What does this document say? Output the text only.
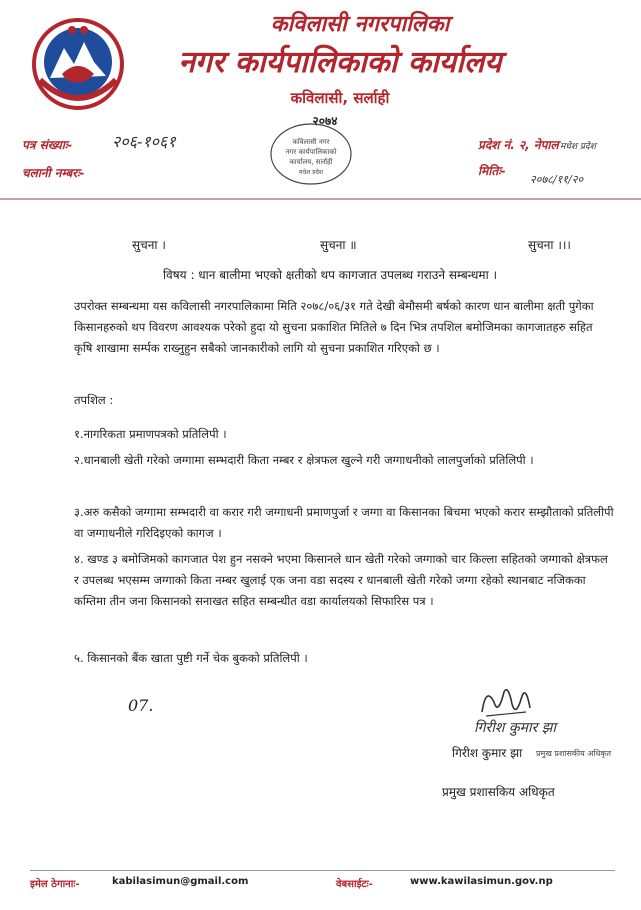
कविलासी नगरपालिका
नगर कार्यपालिकाको कार्यालय
कविलासी, सर्लाही
२०७४
कविलासी नगर
नगर कार्यपालिकाको
कार्यालय, सर्लाही
मधेश प्रदेश
पत्र संख्याः- २०६-१०६१
चलानी नम्बरः-
प्रदेश नं. २, नेपाल मधेश प्रदेश
मितिः-
२०७८/११/२०
सुचना ।	सुचना ॥	सुचना ।।।
विषय : धान बालीमा भएको क्षतीको थप कागजात उपलब्ध गराउने सम्बन्धमा ।

उपरोक्त सम्बन्धमा यस कविलासी नगरपालिकामा मिति २०७८/०६/३१ गते देखी बेमौसमी बर्षको कारण धान बालीमा क्षती पुगेका किसानहरुको थप विवरण आवश्यक परेको हुदा यो सुचना प्रकाशित मितिले ७ दिन भित्र तपशिल बमोजिमका कागजातहरु सहित कृषि शाखामा सर्म्पक राख्नुहुन सबैको जानकारीको लागि यो सुचना प्रकाशित गरिएको छ ।

तपशिल :

१.नागरिकता प्रमाणपत्रको प्रतिलिपी ।

२.धानबाली खेती गरेको जग्गामा सम्भदारी किता नम्बर र क्षेत्रफल खुल्ने गरी जग्गाधनीको लालपुर्जाको प्रतिलिपी ।

३.अरु कसैको जग्गामा सम्भदारी वा करार गरी जग्गाधनी प्रमाणपुर्जा र जग्गा वा किसानका बिचमा भएको करार सम्झौताको प्रतिलीपी वा जग्गाधनीले गरिदिइएको कागज ।

४. खण्ड ३ बमोजिमको कागजात पेश हुन नसक्ने भएमा किसानले धान खेती गरेको जग्गाको चार किल्ला सहितको जग्गाको क्षेत्रफल र उपलब्ध भएसम्म जग्गाको किता नम्बर खुलाई एक जना वडा सदस्य र धानबाली खेती गरेको जग्गा रहेको स्थानबाट नजिकका कम्तिमा तीन जना किसानको सनाखत सहित सम्बन्धीत वडा कार्यालयको सिफारिस पत्र ।

५. किसानको बैंक खाता पुष्टी गर्ने चेक बुकको प्रतिलिपी ।

07.
गिरीश कुमार झा
गिरीश कुमार झा प्रमुख प्रशासकीय अधिकृत
प्रमुख प्रशासकिय अधिकृत
इमेल ठेगानाः-	kabilasimun@gmail.com	वेबसाईटः-	www.kawilasimun.gov.np
